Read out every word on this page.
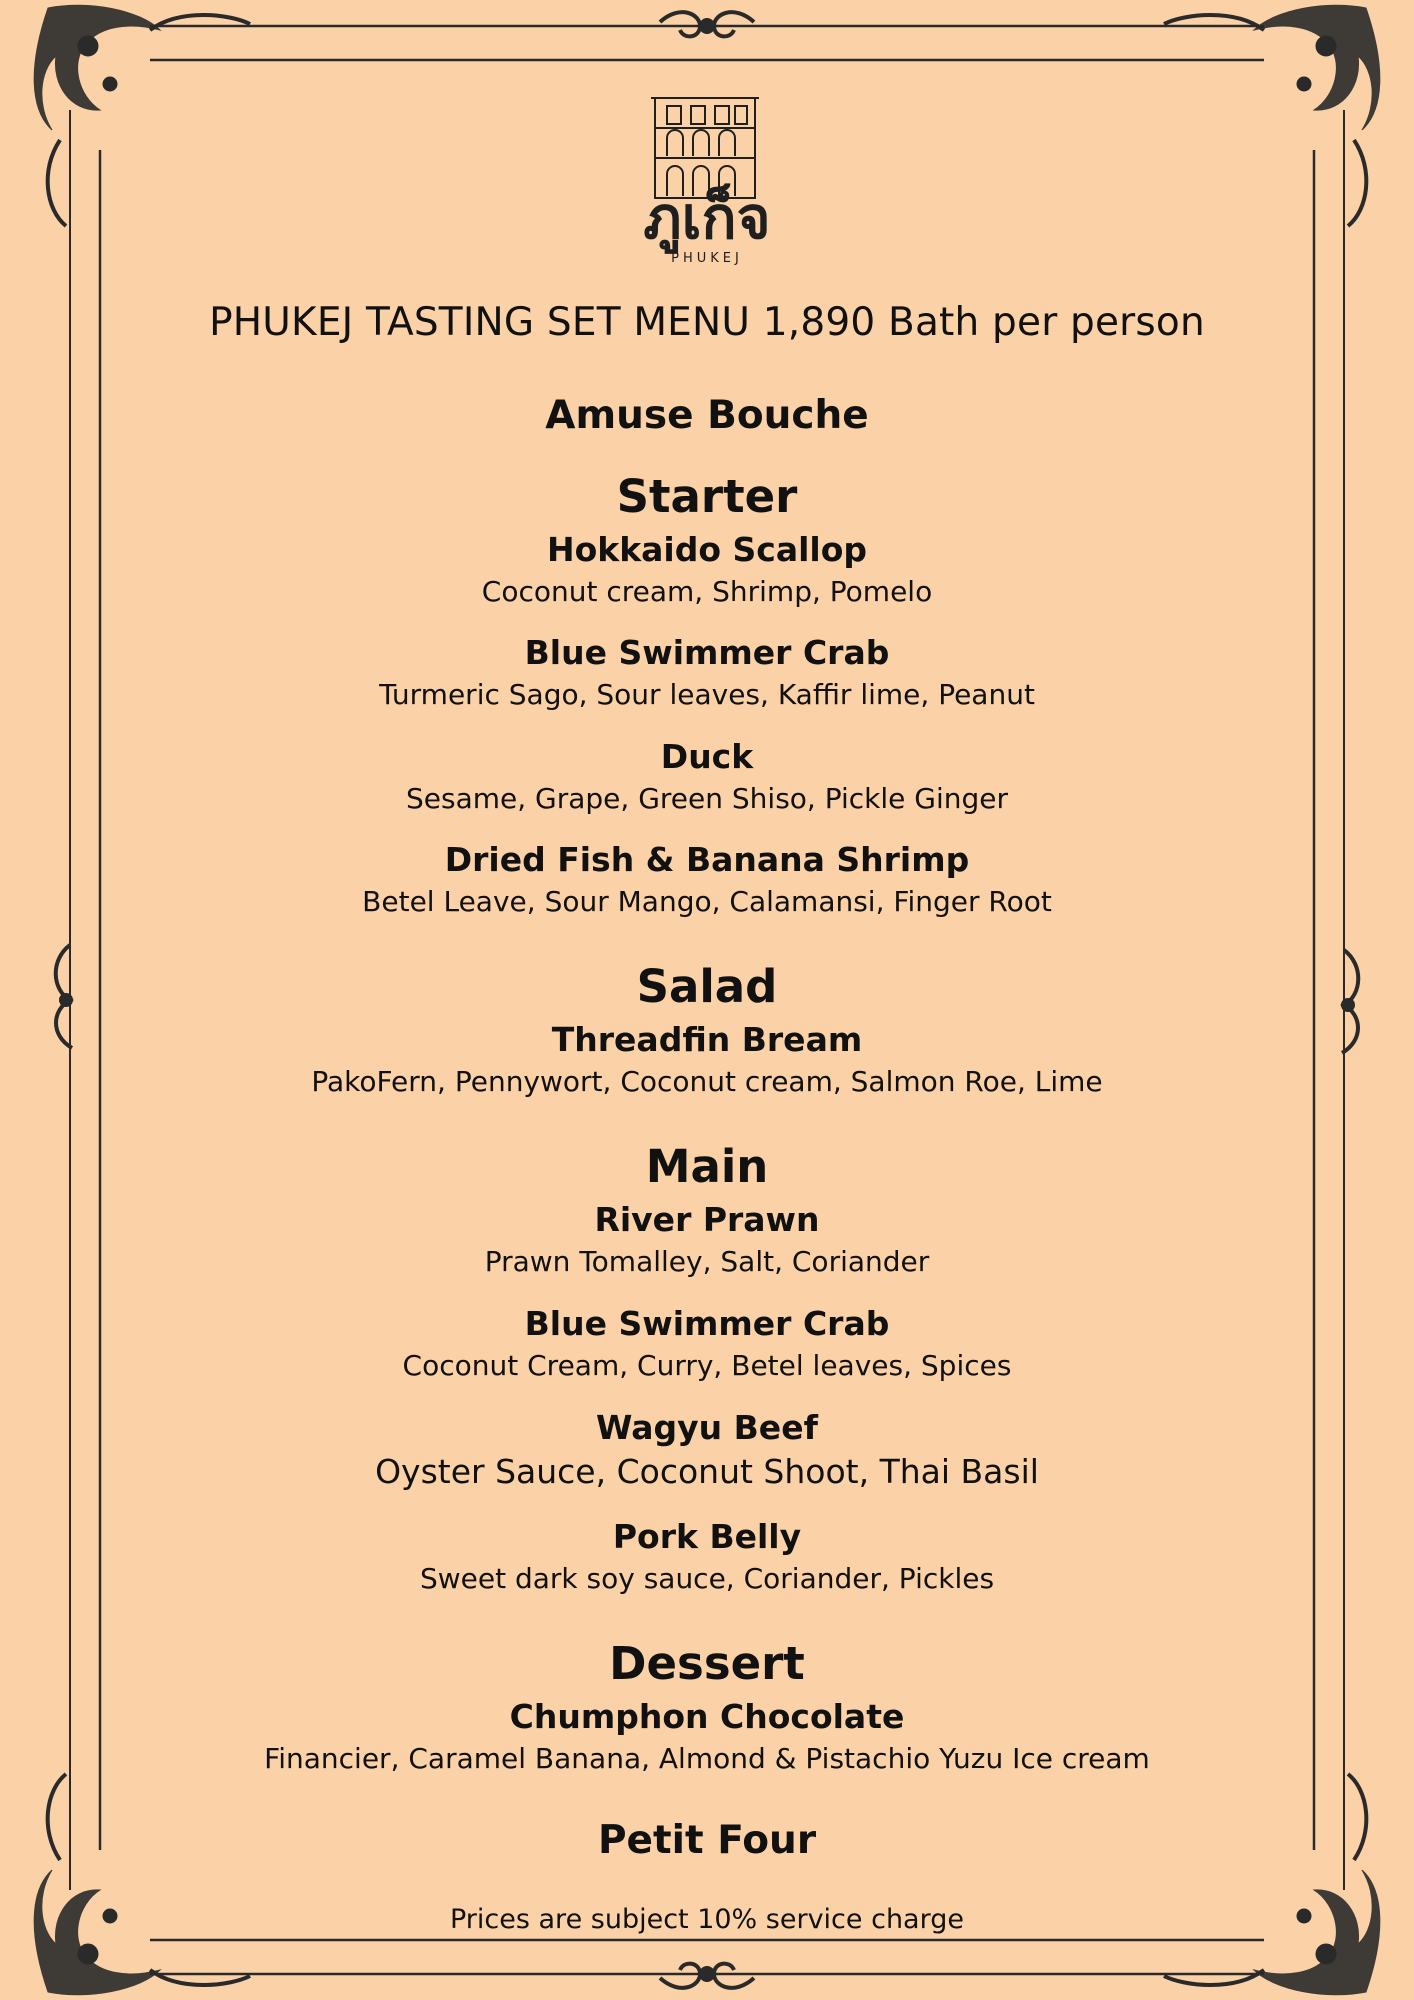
ภูเก็จ
PHUKEJ
PHUKEJ TASTING SET MENU 1,890 Bath per person
Amuse Bouche
Starter
Hokkaido Scallop
Coconut cream, Shrimp, Pomelo
Blue Swimmer Crab
Turmeric Sago, Sour leaves, Kaffir lime, Peanut
Duck
Sesame, Grape, Green Shiso, Pickle Ginger
Dried Fish & Banana Shrimp
Betel Leave, Sour Mango, Calamansi, Finger Root
Salad
Threadfin Bream
PakoFern, Pennywort, Coconut cream, Salmon Roe, Lime
Main
River Prawn
Prawn Tomalley, Salt, Coriander
Blue Swimmer Crab
Coconut Cream, Curry, Betel leaves, Spices
Wagyu Beef
Oyster Sauce, Coconut Shoot, Thai Basil
Pork Belly
Sweet dark soy sauce, Coriander, Pickles
Dessert
Chumphon Chocolate
Financier, Caramel Banana, Almond & Pistachio Yuzu Ice cream
Petit Four
Prices are subject 10% service charge
